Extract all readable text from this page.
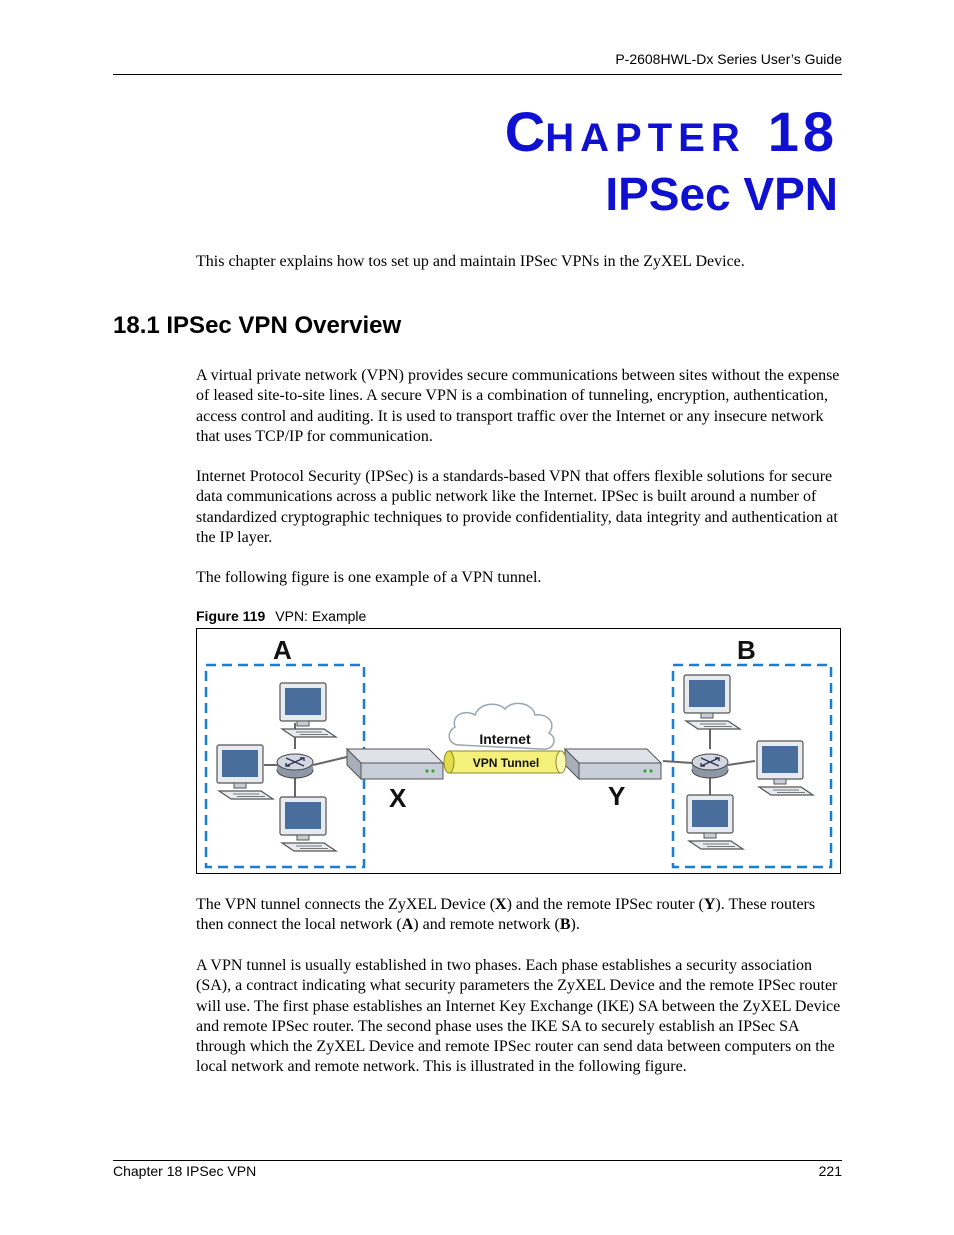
P-2608HWL-Dx Series User’s Guide
CHAPTER 18
IPSec VPN

This chapter explains how tos set up and maintain IPSec VPNs in the ZyXEL Device.

18.1 IPSec VPN Overview

A virtual private network (VPN) provides secure communications between sites without the expense of leased site-to-site lines. A secure VPN is a combination of tunneling, encryption, authentication, access control and auditing. It is used to transport traffic over the Internet or any insecure network that uses TCP/IP for communication.

Internet Protocol Security (IPSec) is a standards-based VPN that offers flexible solutions for secure data communications across a public network like the Internet. IPSec is built around a number of standardized cryptographic techniques to provide confidentiality, data integrity and authentication at the IP layer.

The following figure is one example of a VPN tunnel.

Figure 119 VPN: Example
Internet
VPN Tunnel
A	B
X	Y

The VPN tunnel connects the ZyXEL Device (X) and the remote IPSec router (Y). These routers then connect the local network (A) and remote network (B).

A VPN tunnel is usually established in two phases. Each phase establishes a security association (SA), a contract indicating what security parameters the ZyXEL Device and the remote IPSec router will use. The first phase establishes an Internet Key Exchange (IKE) SA between the ZyXEL Device and remote IPSec router. The second phase uses the IKE SA to securely establish an IPSec SA through which the ZyXEL Device and remote IPSec router can send data between computers on the local network and remote network. This is illustrated in the following figure.

Chapter 18 IPSec VPN	221
